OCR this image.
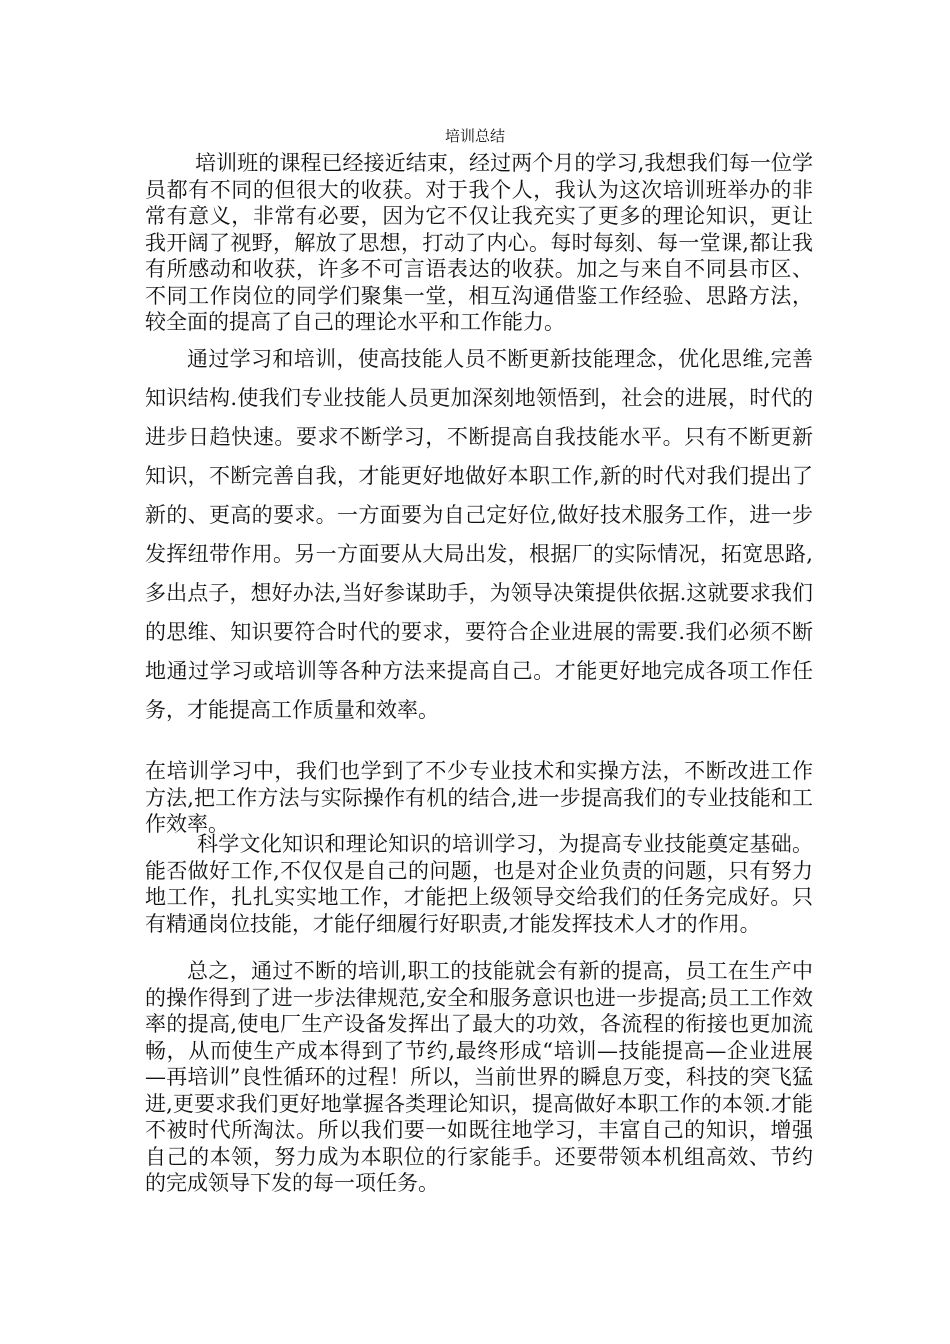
培训总结

培训班的课程已经接近结束，经过两个月的学习,我想我们每一位学员都有不同的但很大的收获。对于我个人，我认为这次培训班举办的非常有意义，非常有必要，因为它不仅让我充实了更多的理论知识，更让我开阔了视野，解放了思想，打动了内心。每时每刻、每一堂课,都让我有所感动和收获，许多不可言语表达的收获。加之与来自不同县市区、不同工作岗位的同学们聚集一堂，相互沟通借鉴工作经验、思路方法，较全面的提高了自己的理论水平和工作能力。

通过学习和培训，使高技能人员不断更新技能理念，优化思维,完善知识结构.使我们专业技能人员更加深刻地领悟到，社会的进展，时代的进步日趋快速。要求不断学习，不断提高自我技能水平。只有不断更新知识，不断完善自我，才能更好地做好本职工作,新的时代对我们提出了新的、更高的要求。一方面要为自己定好位,做好技术服务工作，进一步发挥纽带作用。另一方面要从大局出发，根据厂的实际情况，拓宽思路,多出点子，想好办法,当好参谋助手，为领导决策提供依据.这就要求我们的思维、知识要符合时代的要求，要符合企业进展的需要.我们必须不断地通过学习或培训等各种方法来提高自己。才能更好地完成各项工作任务，才能提高工作质量和效率。

在培训学习中，我们也学到了不少专业技术和实操方法，不断改进工作方法,把工作方法与实际操作有机的结合,进一步提高我们的专业技能和工作效率。

科学文化知识和理论知识的培训学习，为提高专业技能奠定基础。能否做好工作,不仅仅是自己的问题，也是对企业负责的问题，只有努力地工作，扎扎实实地工作，才能把上级领导交给我们的任务完成好。只有精通岗位技能，才能仔细履行好职责,才能发挥技术人才的作用。

总之，通过不断的培训,职工的技能就会有新的提高，员工在生产中的操作得到了进一步法律规范,安全和服务意识也进一步提高;员工工作效率的提高,使电厂生产设备发挥出了最大的功效，各流程的衔接也更加流畅，从而使生产成本得到了节约,最终形成“培训—技能提高—企业进展—再培训”良性循环的过程！所以，当前世界的瞬息万变，科技的突飞猛进,更要求我们更好地掌握各类理论知识，提高做好本职工作的本领.才能不被时代所淘汰。所以我们要一如既往地学习，丰富自己的知识，增强自己的本领，努力成为本职位的行家能手。还要带领本机组高效、节约的完成领导下发的每一项任务。
